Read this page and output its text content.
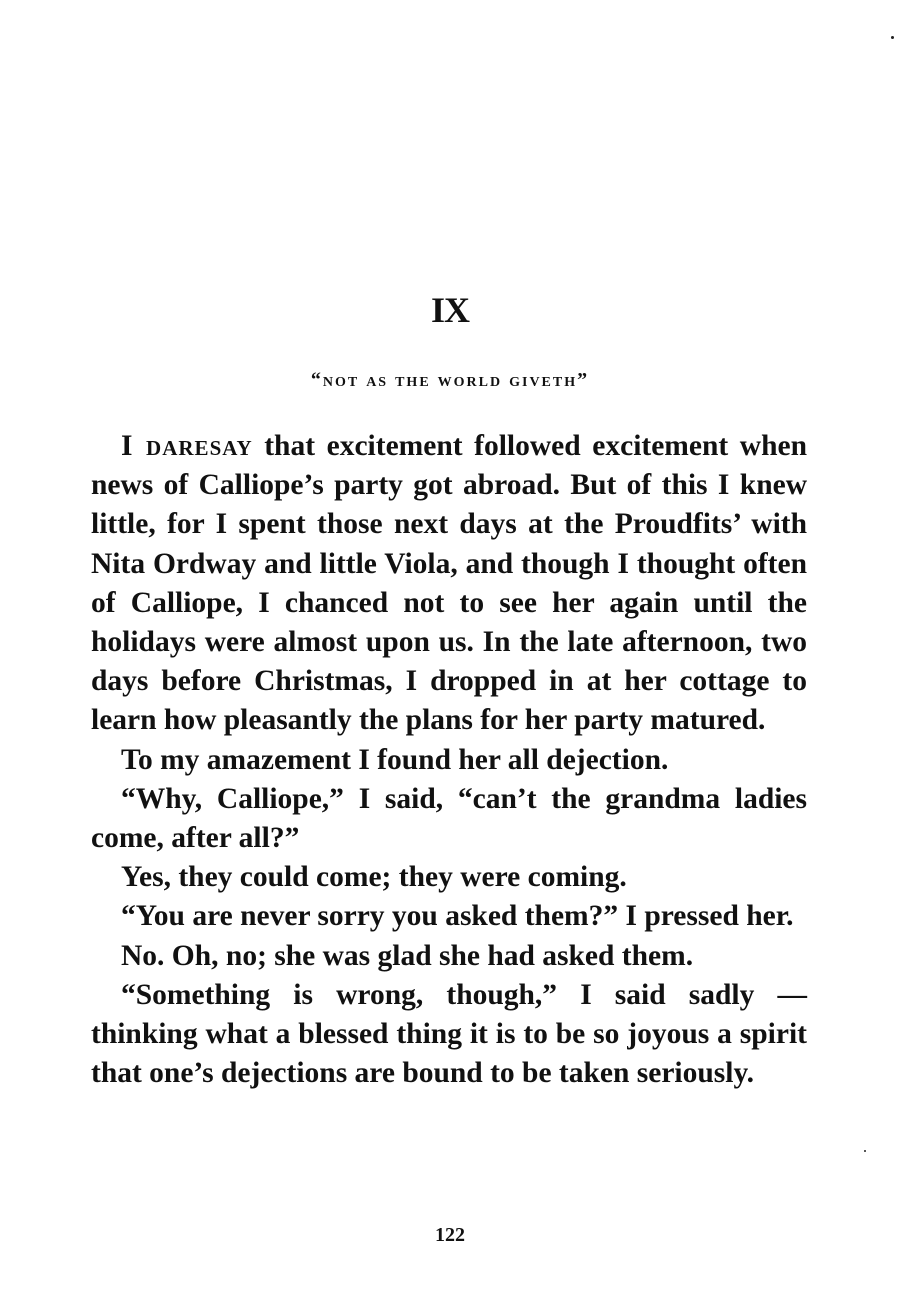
IX
“not as the world giveth”

I daresay that excitement followed excitement when news of Calliope’s party got abroad. But of this I knew little, for I spent those next days at the Proudfits’ with Nita Ordway and little Viola, and though I thought often of Calliope, I chanced not to see her again until the holidays were almost upon us. In the late afternoon, two days before Christmas, I dropped in at her cottage to learn how pleasantly the plans for her party matured.

To my amazement I found her all dejection.

“Why, Calliope,” I said, “can’t the grandma ladies come, after all?”

Yes, they could come; they were coming.

“You are never sorry you asked them?” I pressed her.

No. Oh, no; she was glad she had asked them.

“Something is wrong, though,” I said sadly — thinking what a blessed thing it is to be so joyous a spirit that one’s dejections are bound to be taken seriously.

122
